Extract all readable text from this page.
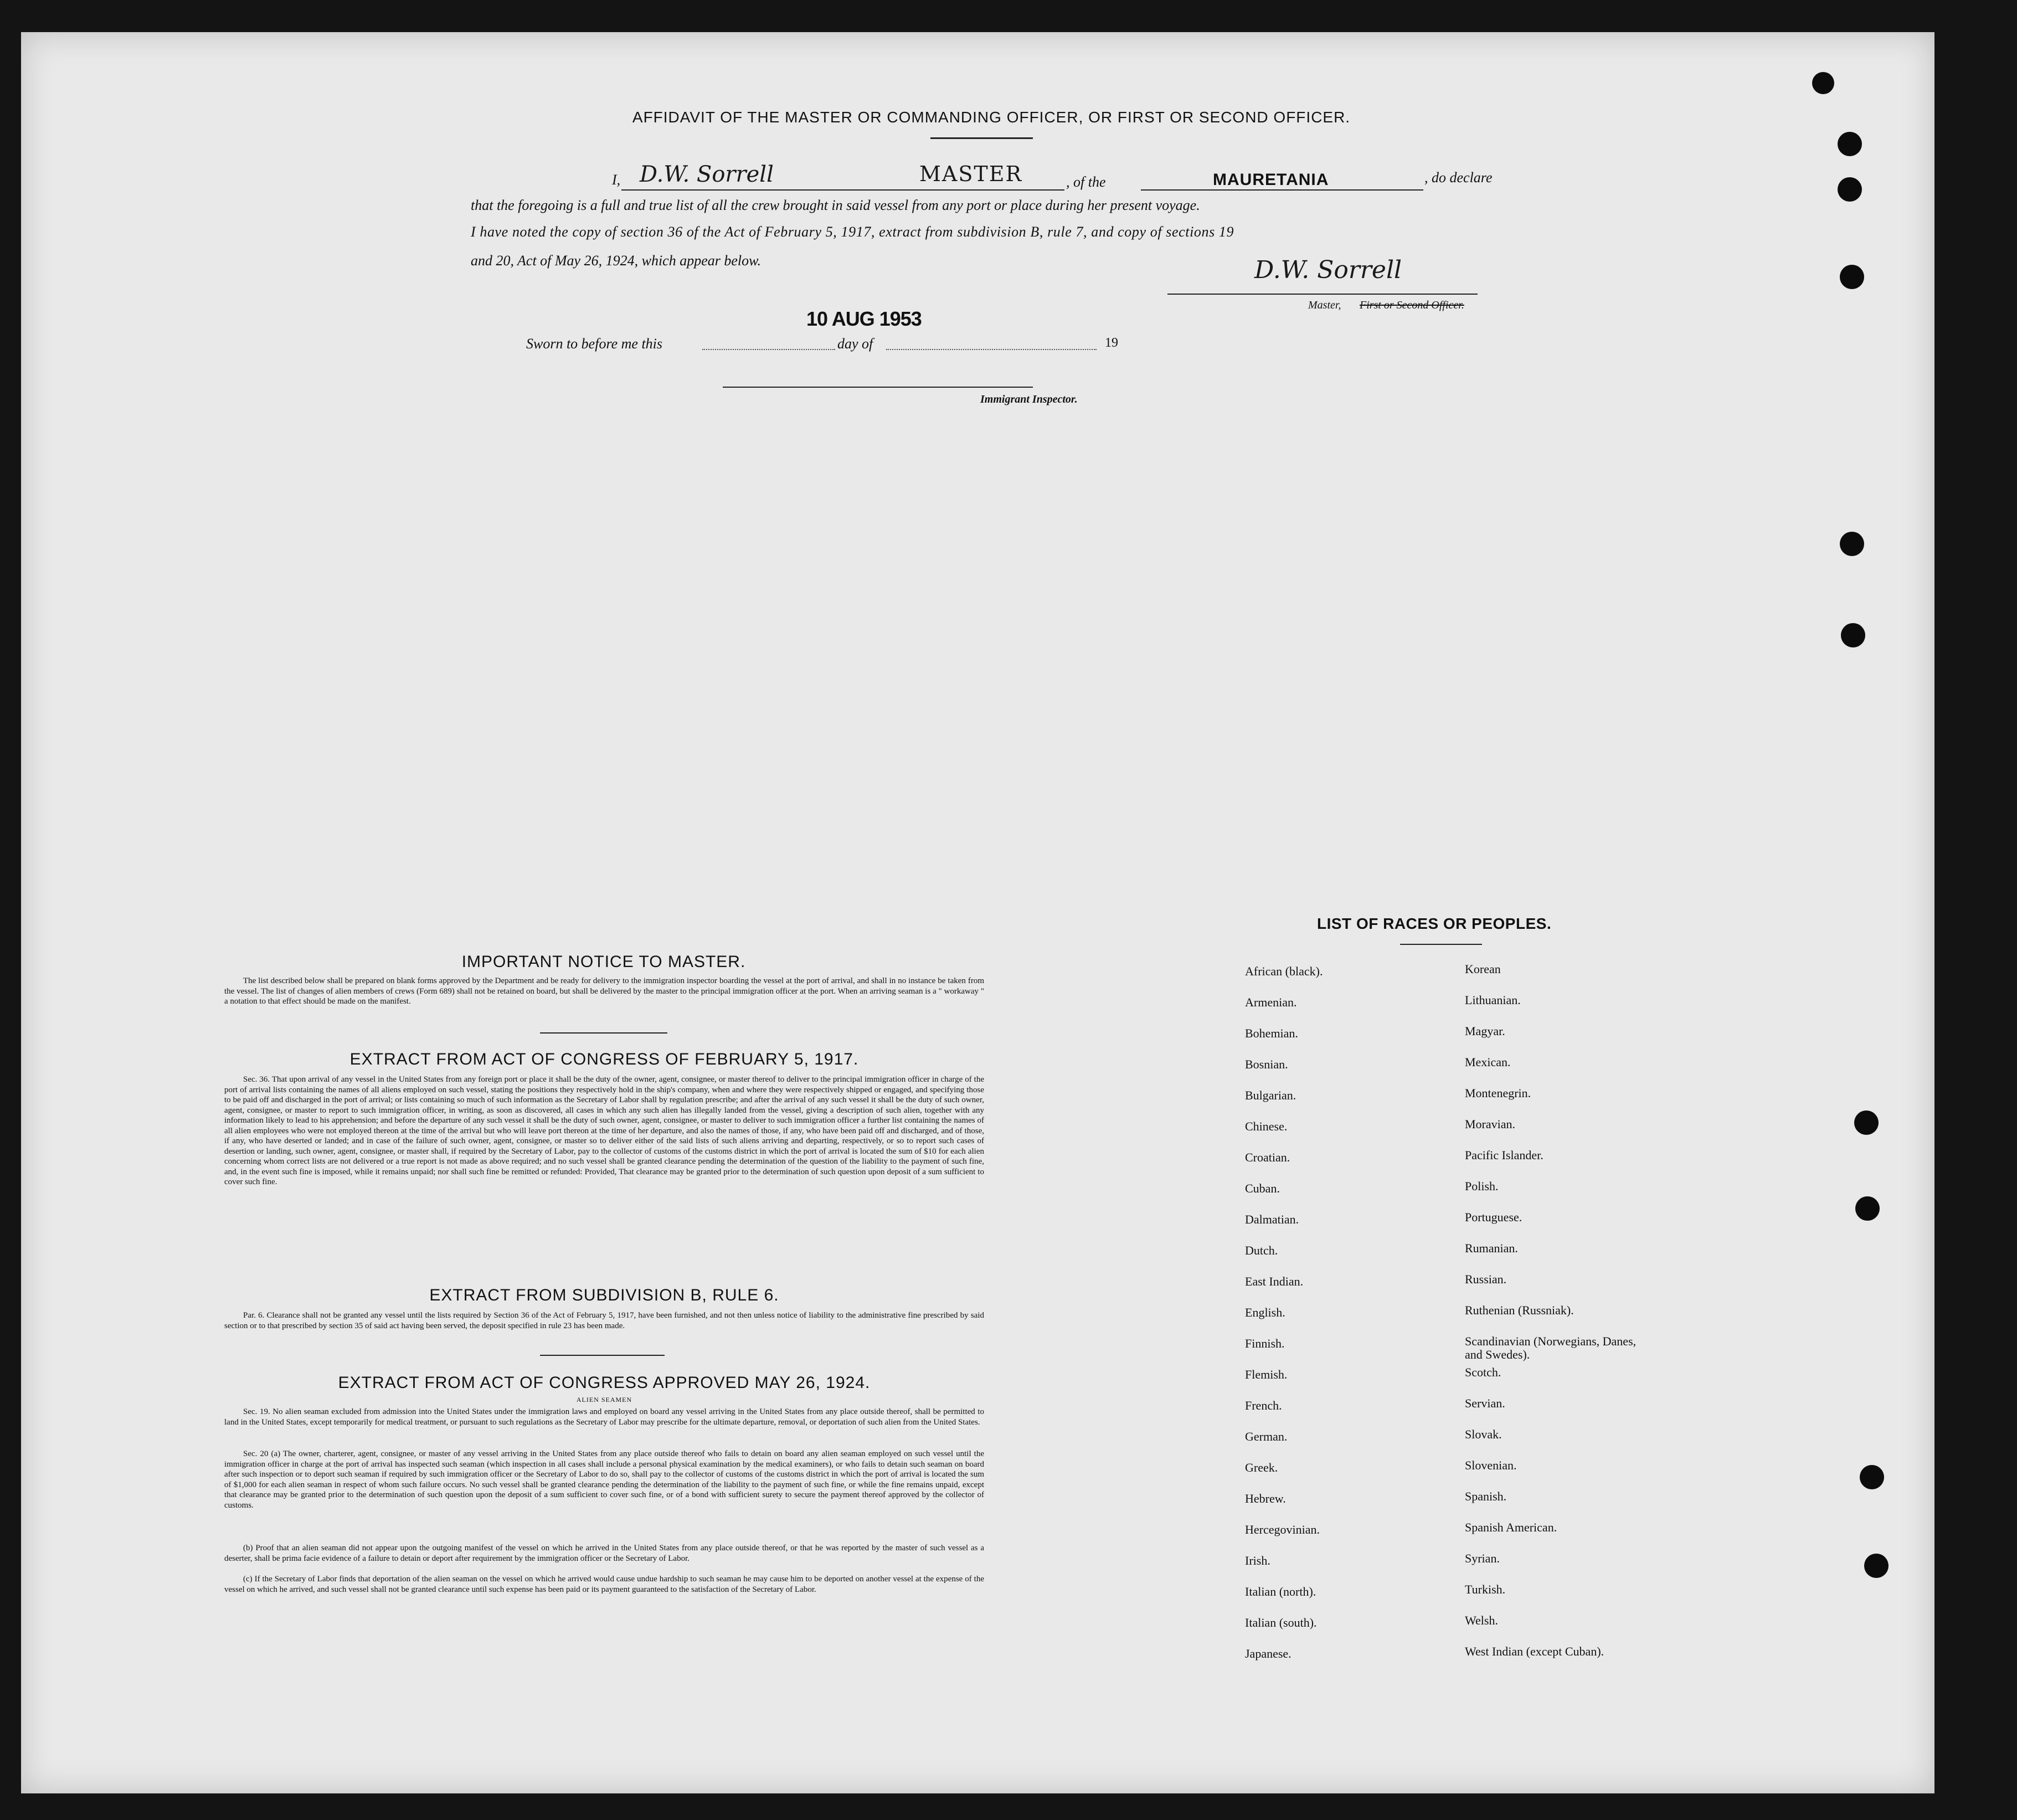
AFFIDAVIT OF THE MASTER OR COMMANDING OFFICER, OR FIRST OR SECOND OFFICER.
I, D.W. Sorrell	MASTER	, of the	MAURETANIA	, do declare
that the foregoing is a full and true list of all the crew brought in said vessel from any port or place during her present voyage.
I have noted the copy of section 36 of the Act of February 5, 1917, extract from subdivision B, rule 7, and copy of sections 19
and 20, Act of May 26, 1924, which appear below.	D.W. Sorrell
Master, First or Second Officer.
10 AUG 1953
Sworn to before me this	day of	19
Immigrant Inspector.
IMPORTANT NOTICE TO MASTER.
The list described below shall be prepared on blank forms approved by the Department and be ready for delivery to the immigration inspector boarding the vessel at the port of arrival, and shall in no instance be taken from the vessel. The list of changes of alien members of crews (Form 689) shall not be retained on board, but shall be delivered by the master to the principal immigration officer at the port. When an arriving seaman is a " workaway " a notation to that effect should be made on the manifest.
EXTRACT FROM ACT OF CONGRESS OF FEBRUARY 5, 1917.
Sec. 36. That upon arrival of any vessel in the United States from any foreign port or place it shall be the duty of the owner, agent, consignee, or master thereof to deliver to the principal immigration officer in charge of the port of arrival lists containing the names of all aliens employed on such vessel, stating the positions they respectively hold in the ship's company, when and where they were respectively shipped or engaged, and specifying those to be paid off and discharged in the port of arrival; or lists containing so much of such information as the Secretary of Labor shall by regulation prescribe; and after the arrival of any such vessel it shall be the duty of such owner, agent, consignee, or master to report to such immigration officer, in writing, as soon as discovered, all cases in which any such alien has illegally landed from the vessel, giving a description of such alien, together with any information likely to lead to his apprehension; and before the departure of any such vessel it shall be the duty of such owner, agent, consignee, or master to deliver to such immigration officer a further list containing the names of all alien employees who were not employed thereon at the time of the arrival but who will leave port thereon at the time of her departure, and also the names of those, if any, who have been paid off and discharged, and of those, if any, who have deserted or landed; and in case of the failure of such owner, agent, consignee, or master so to deliver either of the said lists of such aliens arriving and departing, respectively, or so to report such cases of desertion or landing, such owner, agent, consignee, or master shall, if required by the Secretary of Labor, pay to the collector of customs of the customs district in which the port of arrival is located the sum of $10 for each alien concerning whom correct lists are not delivered or a true report is not made as above required; and no such vessel shall be granted clearance pending the determination of the question of the liability to the payment of such fine, and, in the event such fine is imposed, while it remains unpaid; nor shall such fine be remitted or refunded: Provided, That clearance may be granted prior to the determination of such question upon deposit of a sum sufficient to cover such fine.
EXTRACT FROM SUBDIVISION B, RULE 6.
Par. 6. Clearance shall not be granted any vessel until the lists required by Section 36 of the Act of February 5, 1917, have been furnished, and not then unless notice of liability to the administrative fine prescribed by said section or to that prescribed by section 35 of said act having been served, the deposit specified in rule 23 has been made.
EXTRACT FROM ACT OF CONGRESS APPROVED MAY 26, 1924.
ALIEN SEAMEN
Sec. 19. No alien seaman excluded from admission into the United States under the immigration laws and employed on board any vessel arriving in the United States from any place outside thereof, shall be permitted to land in the United States, except temporarily for medical treatment, or pursuant to such regulations as the Secretary of Labor may prescribe for the ultimate departure, removal, or deportation of such alien from the United States.
Sec. 20 (a) The owner, charterer, agent, consignee, or master of any vessel arriving in the United States from any place outside thereof who fails to detain on board any alien seaman employed on such vessel until the immigration officer in charge at the port of arrival has inspected such seaman (which inspection in all cases shall include a personal physical examination by the medical examiners), or who fails to detain such seaman on board after such inspection or to deport such seaman if required by such immigration officer or the Secretary of Labor to do so, shall pay to the collector of customs of the customs district in which the port of arrival is located the sum of $1,000 for each alien seaman in respect of whom such failure occurs. No such vessel shall be granted clearance pending the determination of the liability to the payment of such fine, or while the fine remains unpaid, except that clearance may be granted prior to the determination of such question upon the deposit of a sum sufficient to cover such fine, or of a bond with sufficient surety to secure the payment thereof approved by the collector of customs.
(b) Proof that an alien seaman did not appear upon the outgoing manifest of the vessel on which he arrived in the United States from any place outside thereof, or that he was reported by the master of such vessel as a deserter, shall be prima facie evidence of a failure to detain or deport after requirement by the immigration officer or the Secretary of Labor.
(c) If the Secretary of Labor finds that deportation of the alien seaman on the vessel on which he arrived would cause undue hardship to such seaman he may cause him to be deported on another vessel at the expense of the vessel on which he arrived, and such vessel shall not be granted clearance until such expense has been paid or its payment guaranteed to the satisfaction of the Secretary of Labor.
LIST OF RACES OR PEOPLES.
African (black).
Armenian.
Bohemian.
Bosnian.
Bulgarian.
Chinese.
Croatian.
Cuban.
Dalmatian.
Dutch.
East Indian.
English.
Finnish.
Flemish.
French.
German.
Greek.
Hebrew.
Hercegovinian.
Irish.
Italian (north).
Italian (south).
Japanese.
Korean
Lithuanian.
Magyar.
Mexican.
Montenegrin.
Moravian.
Pacific Islander.
Polish.
Portuguese.
Rumanian.
Russian.
Ruthenian (Russniak).
Scandinavian (Norwegians, Danes, and Swedes).
Scotch.
Servian.
Slovak.
Slovenian.
Spanish.
Spanish American.
Syrian.
Turkish.
Welsh.
West Indian (except Cuban).
